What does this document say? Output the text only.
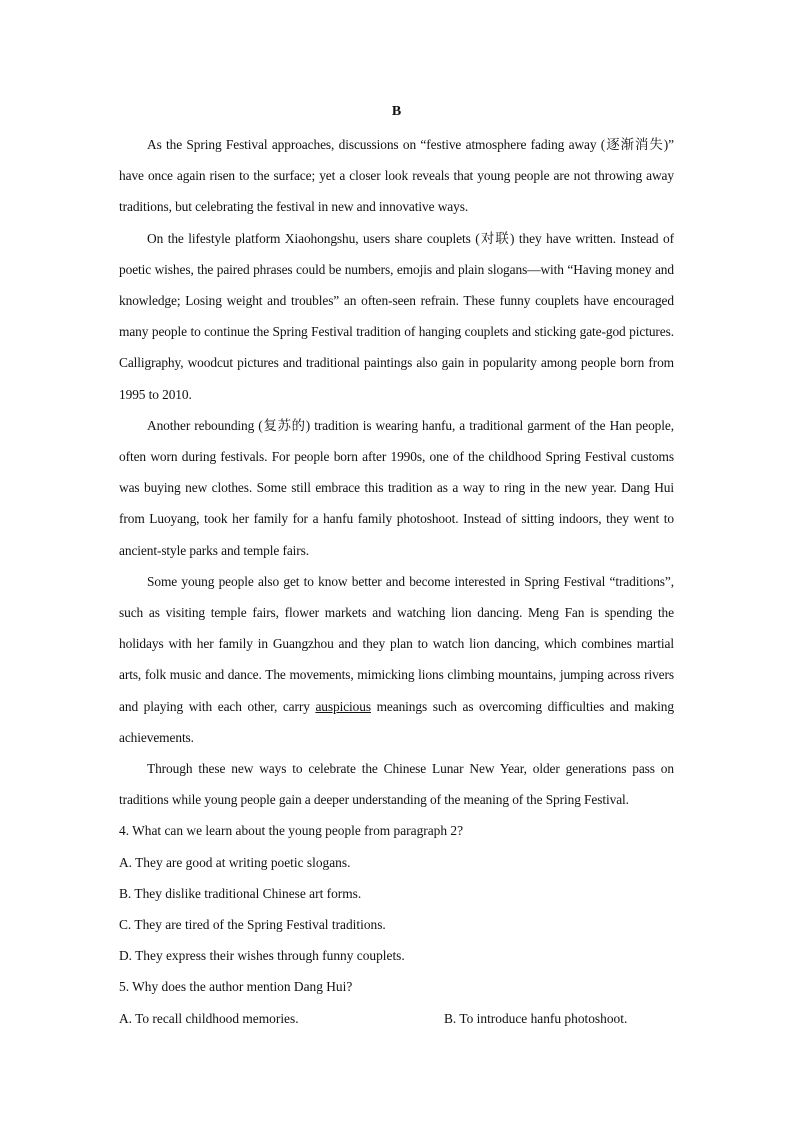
B

As the Spring Festival approaches, discussions on “festive atmosphere fading away (逐渐消失)” have once again risen to the surface; yet a closer look reveals that young people are not throwing away traditions, but celebrating the festival in new and innovative ways.

On the lifestyle platform Xiaohongshu, users share couplets (对联) they have written. Instead of poetic wishes, the paired phrases could be numbers, emojis and plain slogans—with “Having money and knowledge; Losing weight and troubles” an often-seen refrain. These funny couplets have encouraged many people to continue the Spring Festival tradition of hanging couplets and sticking gate-god pictures. Calligraphy, woodcut pictures and traditional paintings also gain in popularity among people born from 1995 to 2010.

Another rebounding (复苏的) tradition is wearing hanfu, a traditional garment of the Han people, often worn during festivals. For people born after 1990s, one of the childhood Spring Festival customs was buying new clothes. Some still embrace this tradition as a way to ring in the new year. Dang Hui from Luoyang, took her family for a hanfu family photoshoot. Instead of sitting indoors, they went to ancient-style parks and temple fairs.

Some young people also get to know better and become interested in Spring Festival “traditions”, such as visiting temple fairs, flower markets and watching lion dancing. Meng Fan is spending the holidays with her family in Guangzhou and they plan to watch lion dancing, which combines martial arts, folk music and dance. The movements, mimicking lions climbing mountains, jumping across rivers and playing with each other, carry auspicious meanings such as overcoming difficulties and making achievements.

Through these new ways to celebrate the Chinese Lunar New Year, older generations pass on traditions while young people gain a deeper understanding of the meaning of the Spring Festival.

4. What can we learn about the young people from paragraph 2?

A. They are good at writing poetic slogans.

B. They dislike traditional Chinese art forms.

C. They are tired of the Spring Festival traditions.

D. They express their wishes through funny couplets.

5. Why does the author mention Dang Hui?

A. To recall childhood memories.	B. To introduce hanfu photoshoot.
